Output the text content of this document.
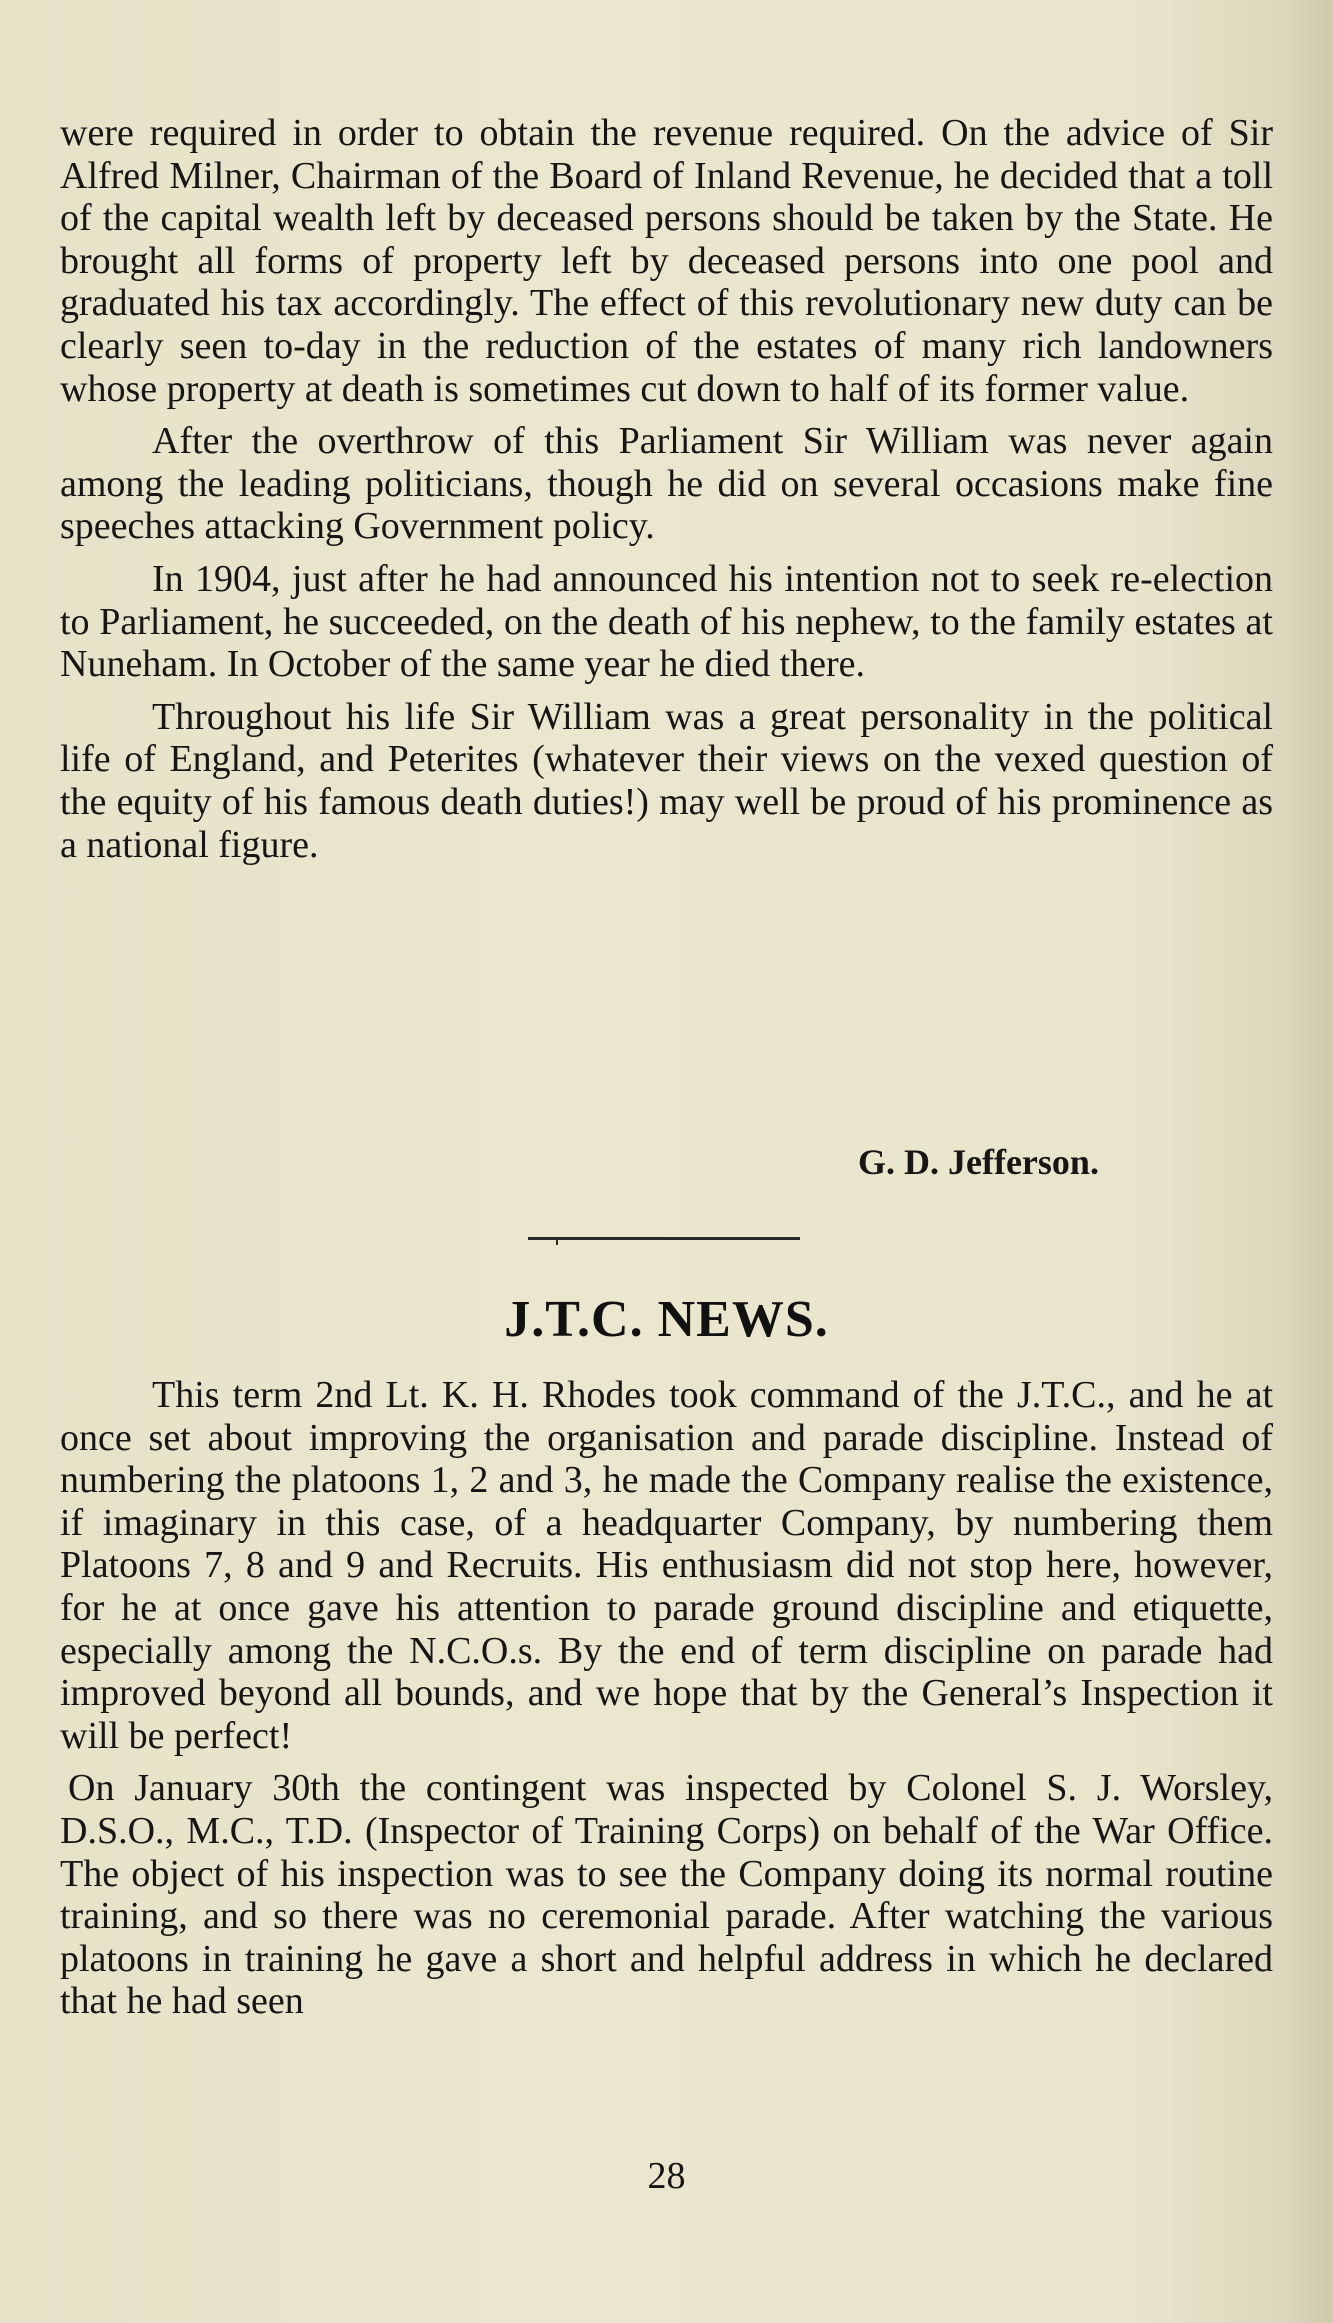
were required in order to obtain the revenue required. On the advice of Sir Alfred Milner, Chairman of the Board of Inland Revenue, he decided that a toll of the capital wealth left by deceased persons should be taken by the State. He brought all forms of property left by deceased persons into one pool and graduated his tax accordingly. The effect of this revolutionary new duty can be clearly seen to-day in the reduction of the estates of many rich landowners whose property at death is sometimes cut down to half of its former value.

After the overthrow of this Parliament Sir William was never again among the leading politicians, though he did on several occasions make fine speeches attacking Government policy.

In 1904, just after he had announced his intention not to seek re-election to Parliament, he succeeded, on the death of his nephew, to the family estates at Nuneham. In October of the same year he died there.

Throughout his life Sir William was a great personality in the political life of England, and Peterites (whatever their views on the vexed question of the equity of his famous death duties!) may well be proud of his prominence as a national figure.

G. D. Jefferson.
J.T.C. NEWS.

This term 2nd Lt. K. H. Rhodes took command of the J.T.C., and he at once set about improving the organisation and parade discipline. Instead of numbering the platoons 1, 2 and 3, he made the Company realise the existence, if imaginary in this case, of a headquarter Company, by numbering them Platoons 7, 8 and 9 and Recruits. His enthusiasm did not stop here, however, for he at once gave his attention to parade ground discipline and etiquette, especially among the N.C.O.s. By the end of term discipline on parade had improved beyond all bounds, and we hope that by the General’s Inspection it will be perfect!

On January 30th the contingent was inspected by Colonel S. J. Worsley, D.S.O., M.C., T.D. (Inspector of Training Corps) on behalf of the War Office. The object of his inspection was to see the Company doing its normal routine training, and so there was no ceremonial parade. After watching the various platoons in training he gave a short and helpful address in which he declared that he had seen

28
